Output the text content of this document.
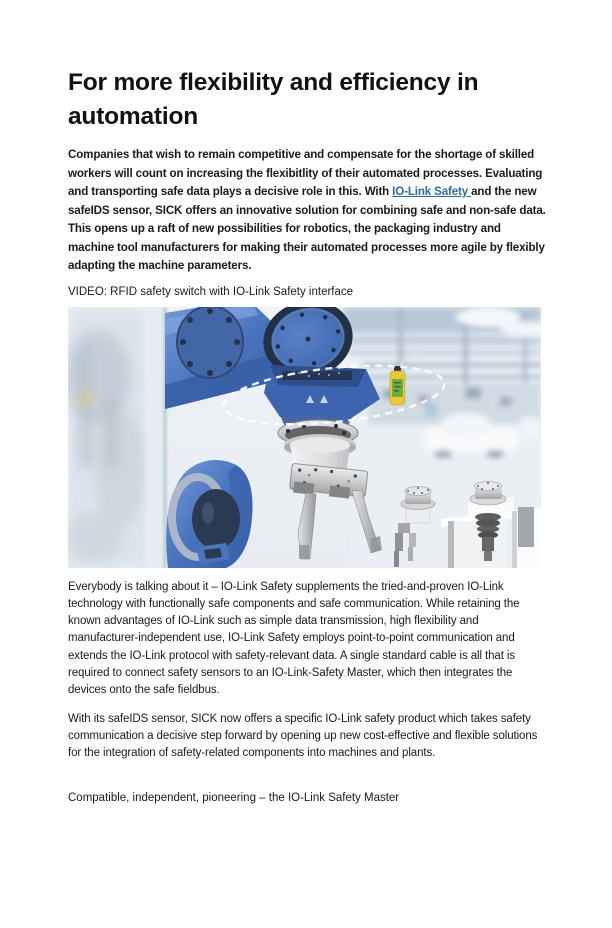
For more flexibility and efficiency in automation

Companies that wish to remain competitive and compensate for the shortage of skilled workers will count on increasing the flexibitlity of their automated processes. Evaluating and transporting safe data plays a decisive role in this. With IO-Link Safety and the new safeIDS sensor, SICK offers an innovative solution for combining safe and non-safe data. This opens up a raft of new possibilities for robotics, the packaging industry and machine tool manufacturers for making their automated processes more agile by flexibly adapting the machine parameters.

VIDEO: RFID safety switch with IO-Link Safety interface

Everybody is talking about it – IO-Link Safety supplements the tried-and-proven IO-Link technology with functionally safe components and safe communication. While retaining the known advantages of IO-Link such as simple data transmission, high flexibility and manufacturer-independent use, IO-Link Safety employs point-to-point communication and extends the IO-Link protocol with safety-relevant data. A single standard cable is all that is required to connect safety sensors to an IO-Link-Safety Master, which then integrates the devices onto the safe fieldbus.

With its safeIDS sensor, SICK now offers a specific IO-Link safety product which takes safety communication a decisive step forward by opening up new cost-effective and flexible solutions for the integration of safety-related components into machines and plants.

Compatible, independent, pioneering – the IO-Link Safety Master
